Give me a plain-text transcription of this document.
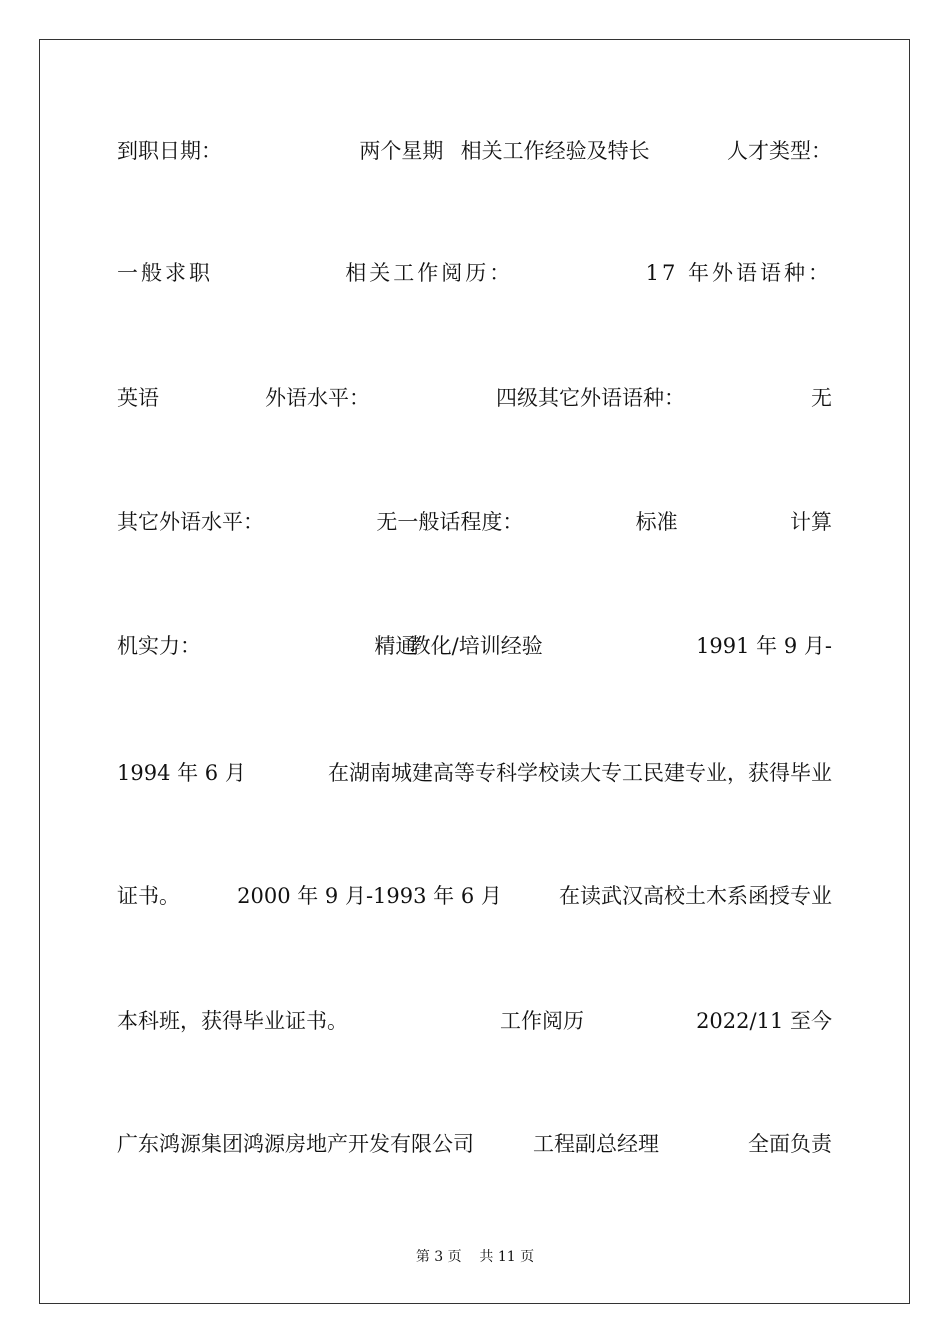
到职日期：	两个星期 相关工作经验及特长	人才类型：
一般求职	相关工作阅历：	17 年外语语种：
英语	外语水平：	四级其它外语语种：	无
其它外语水平：	无一般话程度：	标准	计算
机实力：	精通
教化/培训经验	1991 年 9 月-
1994 年 6 月	在湖南城建高等专科学校读大专工民建专业，获得毕业
证书。	2000 年 9 月-1993 年 6 月	在读武汉高校土木系函授专业
本科班，获得毕业证书。	工作阅历	2022/11 至今
广东鸿源集团鸿源房地产开发有限公司	工程副总经理	全面负责
第 3 页    共 11 页
